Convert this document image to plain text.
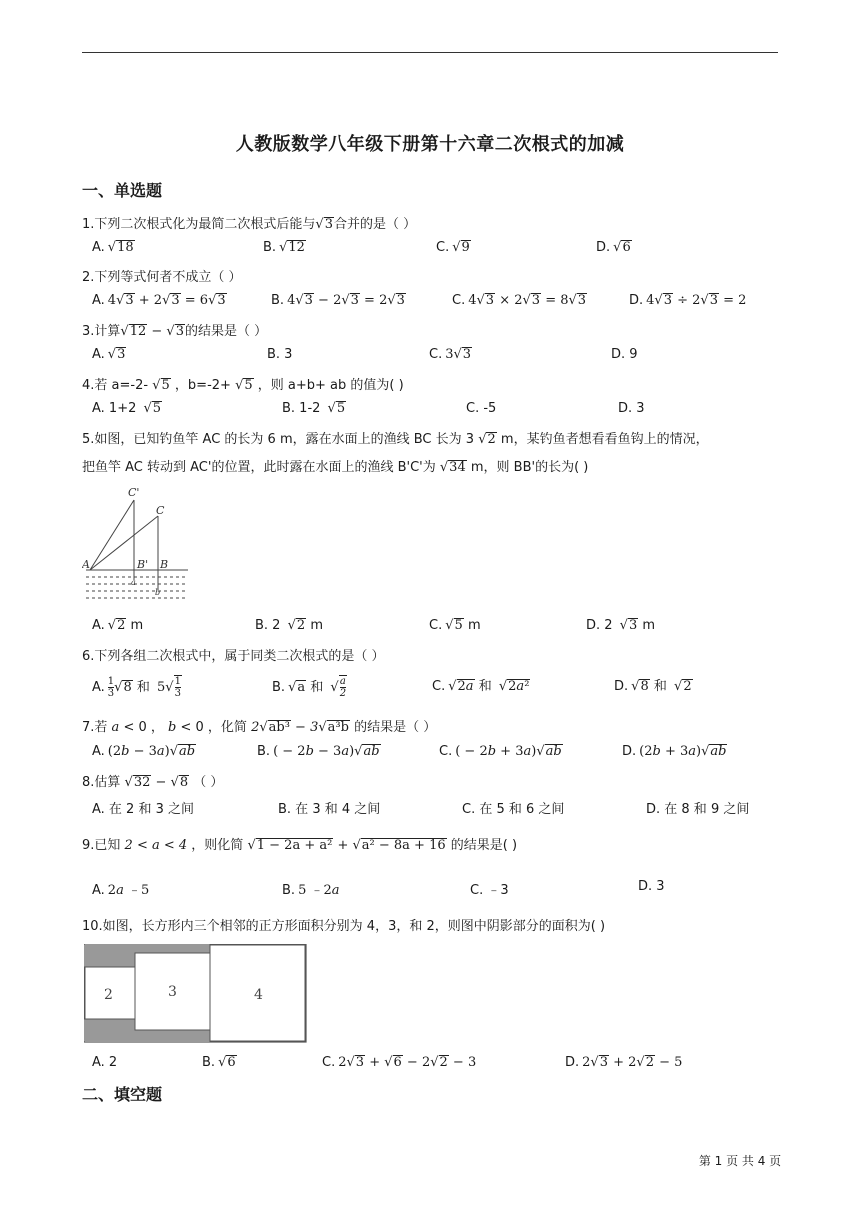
人教版数学八年级下册第十六章二次根式的加减
一、单选题
1.下列二次根式化为最简二次根式后能与√3合并的是（ ）
A. √18	B. √12	C. √9	D. √6
2.下列等式何者不成立（ ）
A. 4√3 + 2√3 = 6√3	B. 4√3 − 2√3 = 2√3	C. 4√3 × 2√3 = 8√3	D. 4√3 ÷ 2√3 = 2
3.计算√12 − √3的结果是（ ）
A. √3	B. 3	C. 3√3	D. 9
4.若 a=-2- √5 ，b=-2+ √5 ，则 a+b+ ab 的值为( )
A. 1+2 √5	B. 1-2 √5	C. -5	D. 3
5.如图，已知钓鱼竿 AC 的长为 6 m，露在水面上的渔线 BC 长为 3 √2 m，某钓鱼者想看看鱼钩上的情况，
把鱼竿 AC 转动到 AC'的位置，此时露在水面上的渔线 B'C'为 √34 m，则 BB'的长为( )
C'
C
A	B' B
a
b
A. √2 m	B. 2 √2 m	C. √5 m	D. 2 √3 m
6.下列各组二次根式中，属于同类二次根式的是（ ）
A. $\frac{1}{3} √8$ 和 $5√ \frac{1}{3}$	B. √a 和 √ $\frac{a}{2}$	C. √2a 和 √2a²	D. √8 和 √2
7.若 a < 0 ， b < 0 ，化简 2√ab³ − 3√a³b 的结果是（ ）
A. (2b − 3a)√ab	B. ( − 2b − 3a)√ab	C. ( − 2b + 3a)√ab	D. (2b + 3a)√ab
8.估算 √32 − √8 （ ）
A. 在 2 和 3 之间	B. 在 3 和 4 之间	C. 在 5 和 6 之间	D. 在 8 和 9 之间
9.已知 2 < a < 4 ，则化简 √1 − 2a + a² + √a² − 8a + 16 的结果是( )
A. 2a ﹣5	B. 5 ﹣2a	C. ﹣3	D. 3
10.如图，长方形内三个相邻的正方形面积分别为 4，3，和 2，则图中阴影部分的面积为( )
2	3	4
A. 2	B. √6	C. 2√3 + √6 − 2√2 − 3	D. 2√3 + 2√2 − 5
二、填空题
第 1 页 共 4 页
